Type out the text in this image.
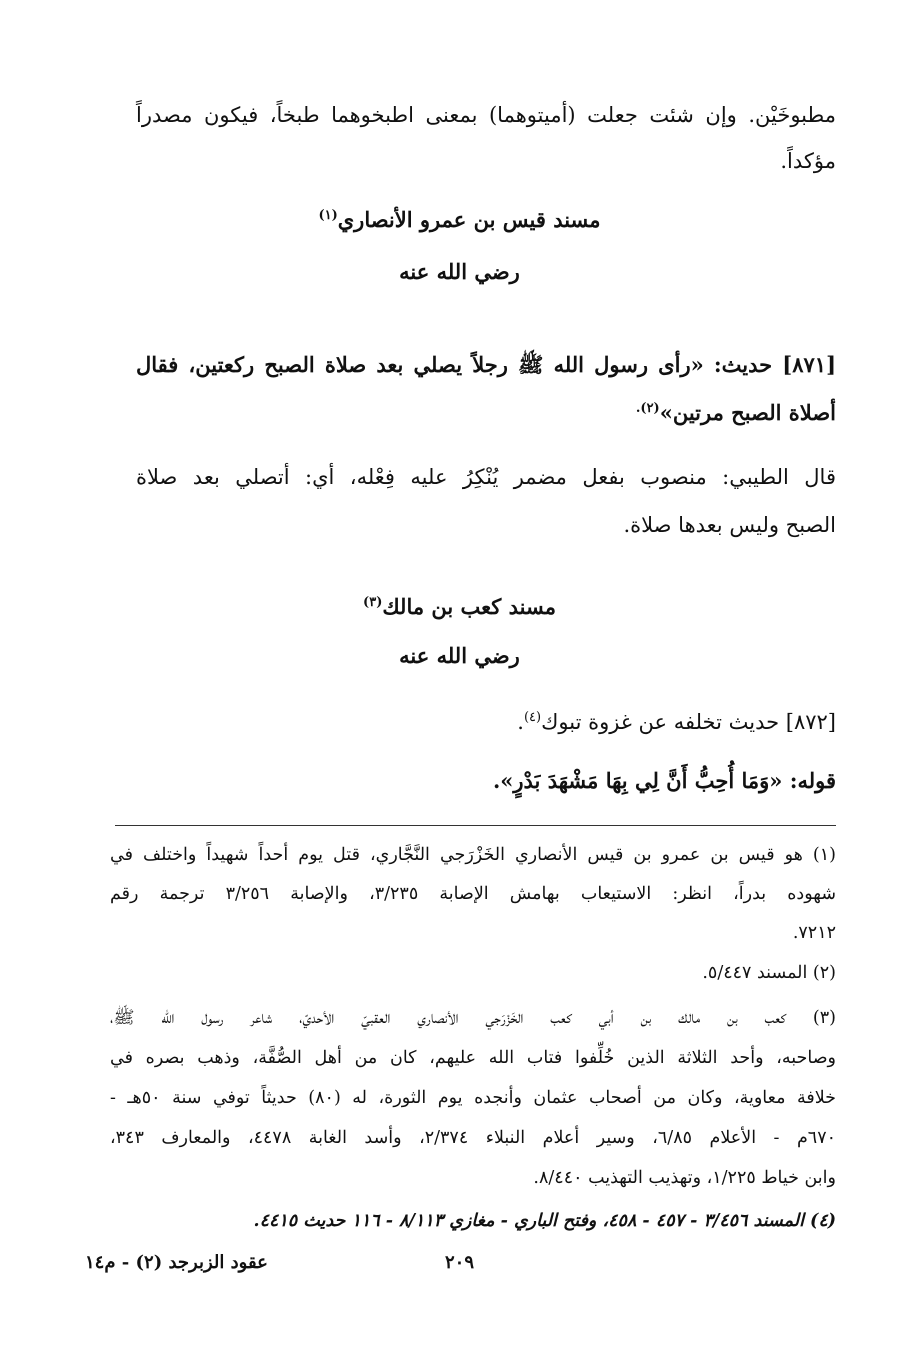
مطبوخَيْن. وإن شئت جعلت (أميتوهما) بمعنى اطبخوهما طبخاً، فيكون مصدراً
مؤكداً.
مسند قيس بن عمرو الأنصاري$^{(١)}$
رضي الله عنه
[٨٧١] حديث: «رأى رسول الله ﷺ رجلاً يصلي بعد صلاة الصبح ركعتين، فقال
أصلاة الصبح مرتين»$^{(٢).}$
قال الطيبي: منصوب بفعل مضمر يُنْكِرُ عليه فِعْله، أي: أتصلي بعد صلاة
الصبح وليس بعدها صلاة.
مسند كعب بن مالك$^{(٣)}$
رضي الله عنه
[٨٧٢] حديث تخلفه عن غزوة تبوك$^{(٤)}$.
قوله: «وَمَا أُحِبُّ أَنَّ لِي بِهَا مَشْهَدَ بَدْرٍ».
(١) هو قيس بن عمرو بن قيس الأنصاري الخَزْرَجي النَّجَّاري، قتل يوم أحداً شهيداً واختلف في
شهوده بدراً، انظر: الاستيعاب بهامش الإصابة ٣/٢٣٥، والإصابة ٣/٢٥٦ ترجمة رقم
٧٢١٢.
(٢) المسند ٥/٤٤٧.
(٣) كعب بن مالك بن أبي كعب الخَزْرَجي الأنصاري العقبيّ الأحديّ، شاعر رسول الله ﷺ،
وصاحبه، وأحد الثلاثة الذين خُلِّفوا فتاب الله عليهم، كان من أهل الصُّفَّة، وذهب بصره في
خلافة معاوية، وكان من أصحاب عثمان وأنجده يوم الثورة، له (٨٠) حديثاً توفي سنة ٥٠هـ -
٦٧٠م - الأعلام ٦/٨٥، وسير أعلام النبلاء ٢/٣٧٤، وأسد الغابة ٤٤٧٨، والمعارف ٣٤٣،
وابن خياط ١/٢٢٥، وتهذيب التهذيب ٨/٤٤٠.
(٤) المسند ٣/٤٥٦ - ٤٥٧ - ٤٥٨، وفتح الباري - مغازي ٨/١١٣ - ١١٦ حديث ٤٤١٥.
٢٠٩
عقود الزبرجد (٢) - م١٤
